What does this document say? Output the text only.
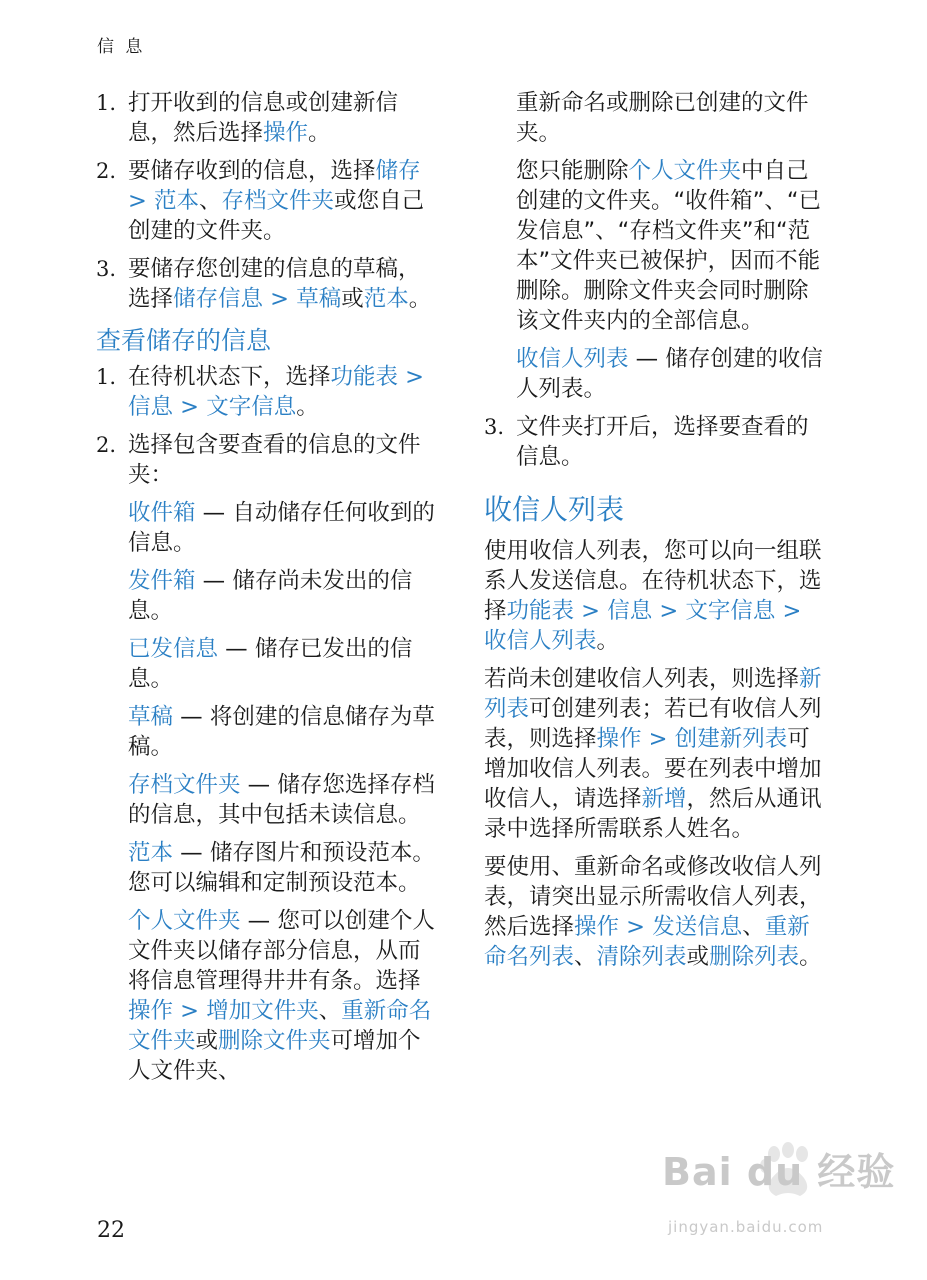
信 息
1. 打开收到的信息或创建新信息，然后选择操作。
2. 要储存收到的信息，选择储存 > 范本、存档文件夹或您自己创建的文件夹。
3. 要储存您创建的信息的草稿，选择储存信息 > 草稿或范本。
查看储存的信息
1. 在待机状态下，选择功能表 > 信息 > 文字信息。
2. 选择包含要查看的信息的文件夹：
收件箱 — 自动储存任何收到的信息。
发件箱 — 储存尚未发出的信息。
已发信息 — 储存已发出的信息。
草稿 — 将创建的信息储存为草稿。
存档文件夹 — 储存您选择存档的信息，其中包括未读信息。
范本 — 储存图片和预设范本。您可以编辑和定制预设范本。
个人文件夹 — 您可以创建个人文件夹以储存部分信息，从而将信息管理得井井有条。选择操作 > 增加文件夹、重新命名文件夹或删除文件夹可增加个人文件夹、
重新命名或删除已创建的文件夹。
您只能删除个人文件夹中自己创建的文件夹。“收件箱”、“已发信息”、“存档文件夹”和“范本”文件夹已被保护，因而不能删除。删除文件夹会同时删除该文件夹内的全部信息。
收信人列表 — 储存创建的收信人列表。
3. 文件夹打开后，选择要查看的信息。
收信人列表
使用收信人列表，您可以向一组联系人发送信息。在待机状态下，选择功能表 > 信息 > 文字信息 > 收信人列表。
若尚未创建收信人列表，则选择新列表可创建列表；若已有收信人列表，则选择操作 > 创建新列表可增加收信人列表。要在列表中增加收信人，请选择新增，然后从通讯录中选择所需联系人姓名。
要使用、重新命名或修改收信人列表，请突出显示所需收信人列表，然后选择操作 > 发送信息、重新命名列表、清除列表或删除列表。
22
Bai du 经验
jingyan.baidu.com
